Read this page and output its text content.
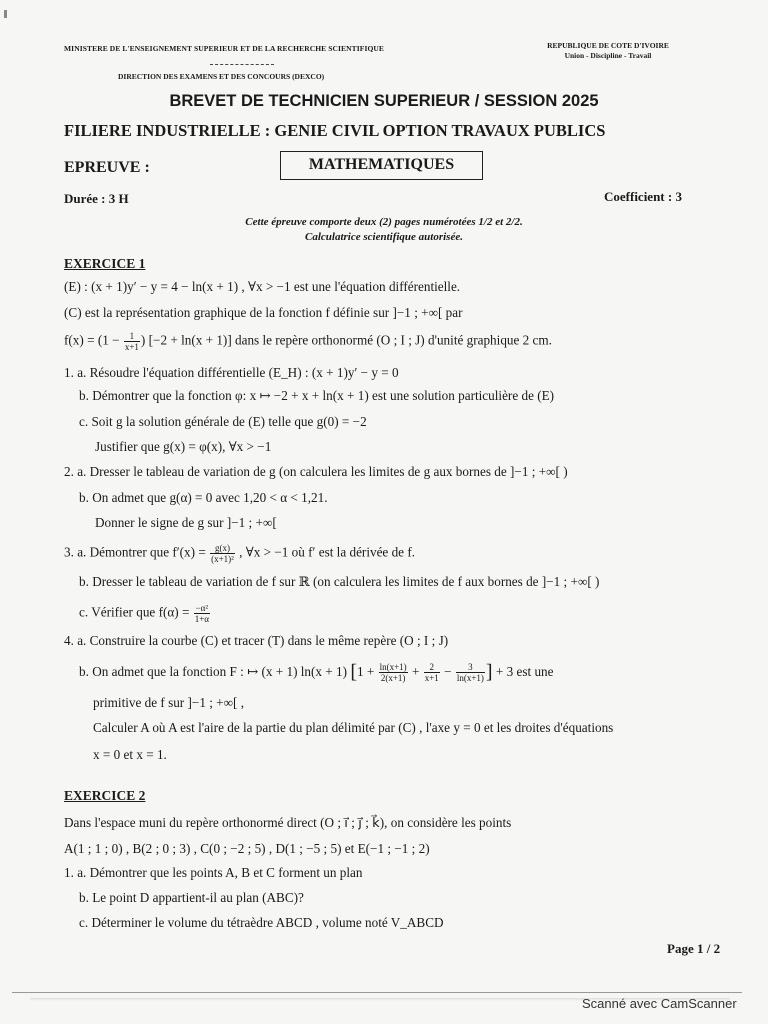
MINISTERE DE L'ENSEIGNEMENT SUPERIEUR ET DE LA RECHERCHE SCIENTIFIQUE
DIRECTION DES EXAMENS ET DES CONCOURS (DEXCO)
REPUBLIQUE DE COTE D'IVOIRE
Union - Discipline - Travail
BREVET DE TECHNICIEN SUPERIEUR / SESSION 2025
FILIERE INDUSTRIELLE : GENIE CIVIL OPTION TRAVAUX PUBLICS
EPREUVE :	MATHEMATIQUES
Durée : 3 H	Coefficient : 3
Cette épreuve comporte deux (2) pages numérotées 1/2 et 2/2.
Calculatrice scientifique autorisée.
EXERCICE 1
(E) : (x + 1)y′ − y = 4 − ln(x + 1) , ∀x > −1 est une l'équation différentielle.
(C) est la représentation graphique de la fonction f définie sur ]−1 ; +∞[ par
$f(x) = (1 - \frac{1}{x+1}$ ) [−2 + ln(x + 1)] dans le repère orthonormé (O ; I ; J) d'unité graphique 2 cm.
1. a. Résoudre l'équation différentielle (E_H) : (x + 1)y′ − y = 0
b. Démontrer que la fonction φ: x ↦ −2 + x + ln(x + 1) est une solution particulière de (E)
c. Soit g la solution générale de (E) telle que g(0) = −2
Justifier que g(x) = φ(x), ∀x > −1
2. a. Dresser le tableau de variation de g (on calculera les limites de g aux bornes de ]−1 ; +∞[ )
b. On admet que g(α) = 0 avec 1,20 < α < 1,21.
Donner le signe de g sur ]−1 ; +∞[
3. a. Démontrer que $f'(x) = \frac{g(x)}{\text{(x+1)²}}$ , ∀x > −1 où f′ est la dérivée de f.
b. Dresser le tableau de variation de f sur ℝ (on calculera les limites de f aux bornes de ]−1 ; +∞[ )
c. Vérifier que $f(\alpha) = \frac{\text{−α²}}{1+\alpha}$
4. a. Construire la courbe (C) et tracer (T) dans le même repère (O ; I ; J)
b. On admet que la fonction F : ↦ (x + 1) ln(x + 1) [$1 + \frac{\ln(x+1)}{2(x+1)} + \frac{2}{x+1} - \frac{3}{\ln(x+1)}$ ] + 3 est une
primitive de f sur ]−1 ; +∞[ ,
Calculer A où A est l'aire de la partie du plan délimité par (C) , l'axe y = 0 et les droites d'équations
x = 0 et x = 1.
EXERCICE 2
Dans l'espace muni du repère orthonormé direct (O ; i⃗ ; j⃗ ; k⃗), on considère les points
A(1 ; 1 ; 0) , B(2 ; 0 ; 3) , C(0 ; −2 ; 5) , D(1 ; −5 ; 5) et E(−1 ; −1 ; 2)
1. a. Démontrer que les points A, B et C forment un plan
b. Le point D appartient-il au plan (ABC)?
c. Déterminer le volume du tétraèdre ABCD , volume noté V_ABCD
Page 1 / 2
Scanné avec CamScanner
